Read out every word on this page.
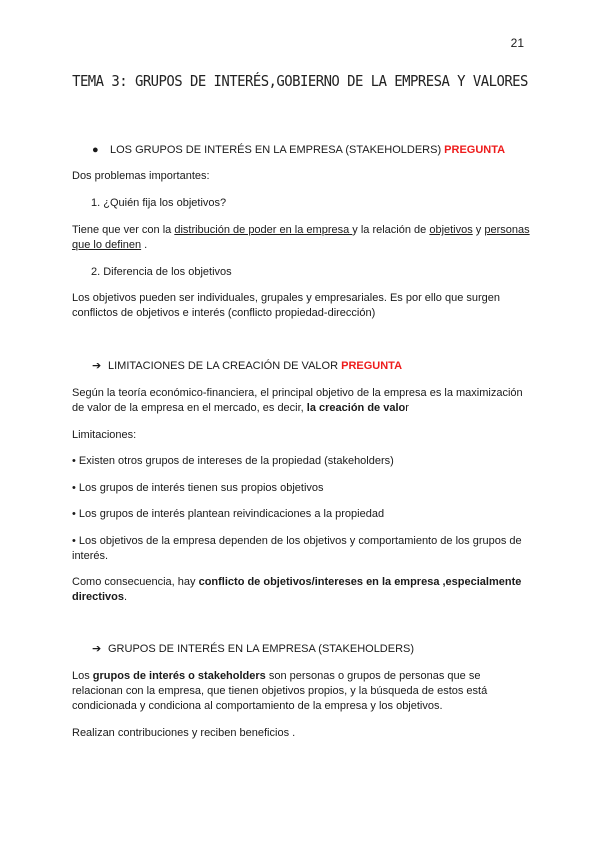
21
TEMA 3: GRUPOS DE INTERÉS,GOBIERNO DE LA EMPRESA Y VALORES
● LOS GRUPOS DE INTERÉS EN LA EMPRESA (STAKEHOLDERS) PREGUNTA
Dos problemas importantes:
1. ¿Quién fija los objetivos?
Tiene que ver con la distribución de poder en la empresa y la relación de objetivos y personas que lo definen .
2. Diferencia de los objetivos
Los objetivos pueden ser individuales, grupales y empresariales. Es por ello que surgen conflictos de objetivos e interés (conflicto propiedad-dirección)
➔ LIMITACIONES DE LA CREACIÓN DE VALOR PREGUNTA
Según la teoría económico-financiera, el principal objetivo de la empresa es la maximización de valor de la empresa en el mercado, es decir, la creación de valor
Limitaciones:
• Existen otros grupos de intereses de la propiedad (stakeholders)
• Los grupos de interés tienen sus propios objetivos
• Los grupos de interés plantean reivindicaciones a la propiedad
• Los objetivos de la empresa dependen de los objetivos y comportamiento de los grupos de interés.
Como consecuencia, hay conflicto de objetivos/intereses en la empresa ,especialmente directivos.
➔ GRUPOS DE INTERÉS EN LA EMPRESA (STAKEHOLDERS)
Los grupos de interés o stakeholders son personas o grupos de personas que se relacionan con la empresa, que tienen objetivos propios, y la búsqueda de estos está condicionada y condiciona al comportamiento de la empresa y los objetivos.
Realizan contribuciones y reciben beneficios .
